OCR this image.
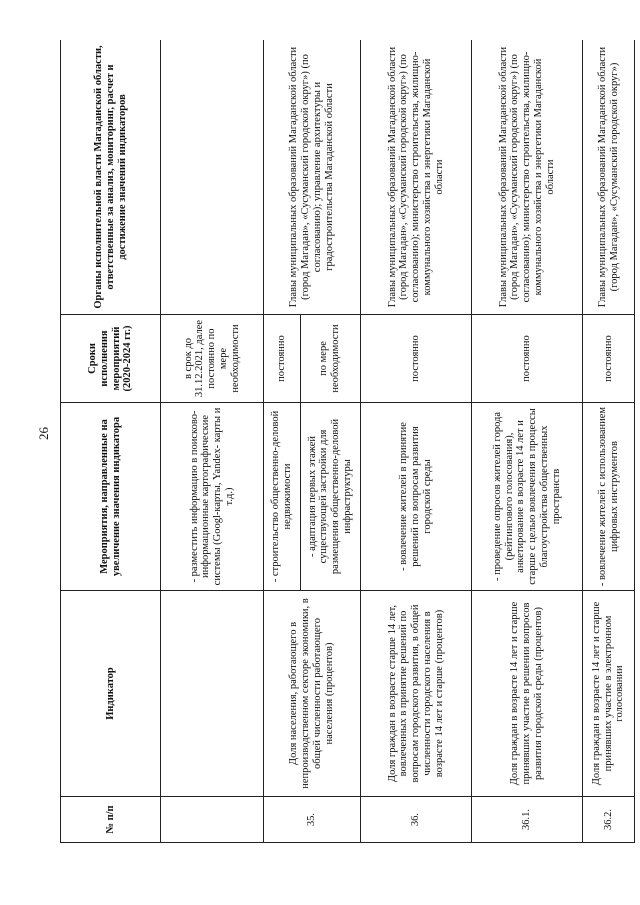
26
№ п/п	Индикатор	Мероприятия, направленные на увеличение значения индикатора	Сроки исполнения мероприятий (2020-2024 гг.)	Органы исполнительной власти Магаданской области, ответственные за анализ, мониторинг, расчет и достижение значений индикаторов
		- разместить информацию в поисково-информационные картографические системы (Googl-карты, Yandex- карты и т.д.)	в срок до 31.12.2021, далее постоянно по мере необходимости	
35.	Доля населения, работающего в непроизводственном секторе экономики, в общей численности работающего населения (процентов)	- строительство общественно-деловой недвижимости	постоянно	Главы муниципальных образований Магаданской области (город Магадан», «Сусуманский городской округ») (по согласованию); управление архитектуры и градостроительства Магаданской области
		- адаптация первых этажей существующей застройки для размещения общественно-деловой инфраструктуры	по мере необходимости	
36.	Доля граждан в возрасте старше 14 лет, вовлеченных в принятие решений по вопросам городского развития, в общей численности городского населения в возрасте 14 лет и старше (процентов)	- вовлечение жителей в принятие решений по вопросам развития городской среды	постоянно	Главы муниципальных образований Магаданской области (город Магадан», «Сусуманский городской округ») (по согласованию); министерство строительства, жилищно-коммунального хозяйства и энергетики Магаданской области
36.1.	Доля граждан в возрасте 14 лет и старше принявших участие в решении вопросов развития городской среды (процентов)	- проведение опросов жителей города (рейтингового голосования), анкетирование в возрасте 14 лет и старше с целью вовлечения в процессы благоустройства общественных пространств	постоянно	Главы муниципальных образований Магаданской области (город Магадан», «Сусуманский городской округ») (по согласованию); министерство строительства, жилищно-коммунального хозяйства и энергетики Магаданской области
36.2.	Доля граждан в возрасте 14 лет и старше принявших участие в электронном голосовании	- вовлечение жителей с использованием цифровых инструментов	постоянно	Главы муниципальных образований Магаданской области (город Магадан», «Сусуманский городской округ»)
